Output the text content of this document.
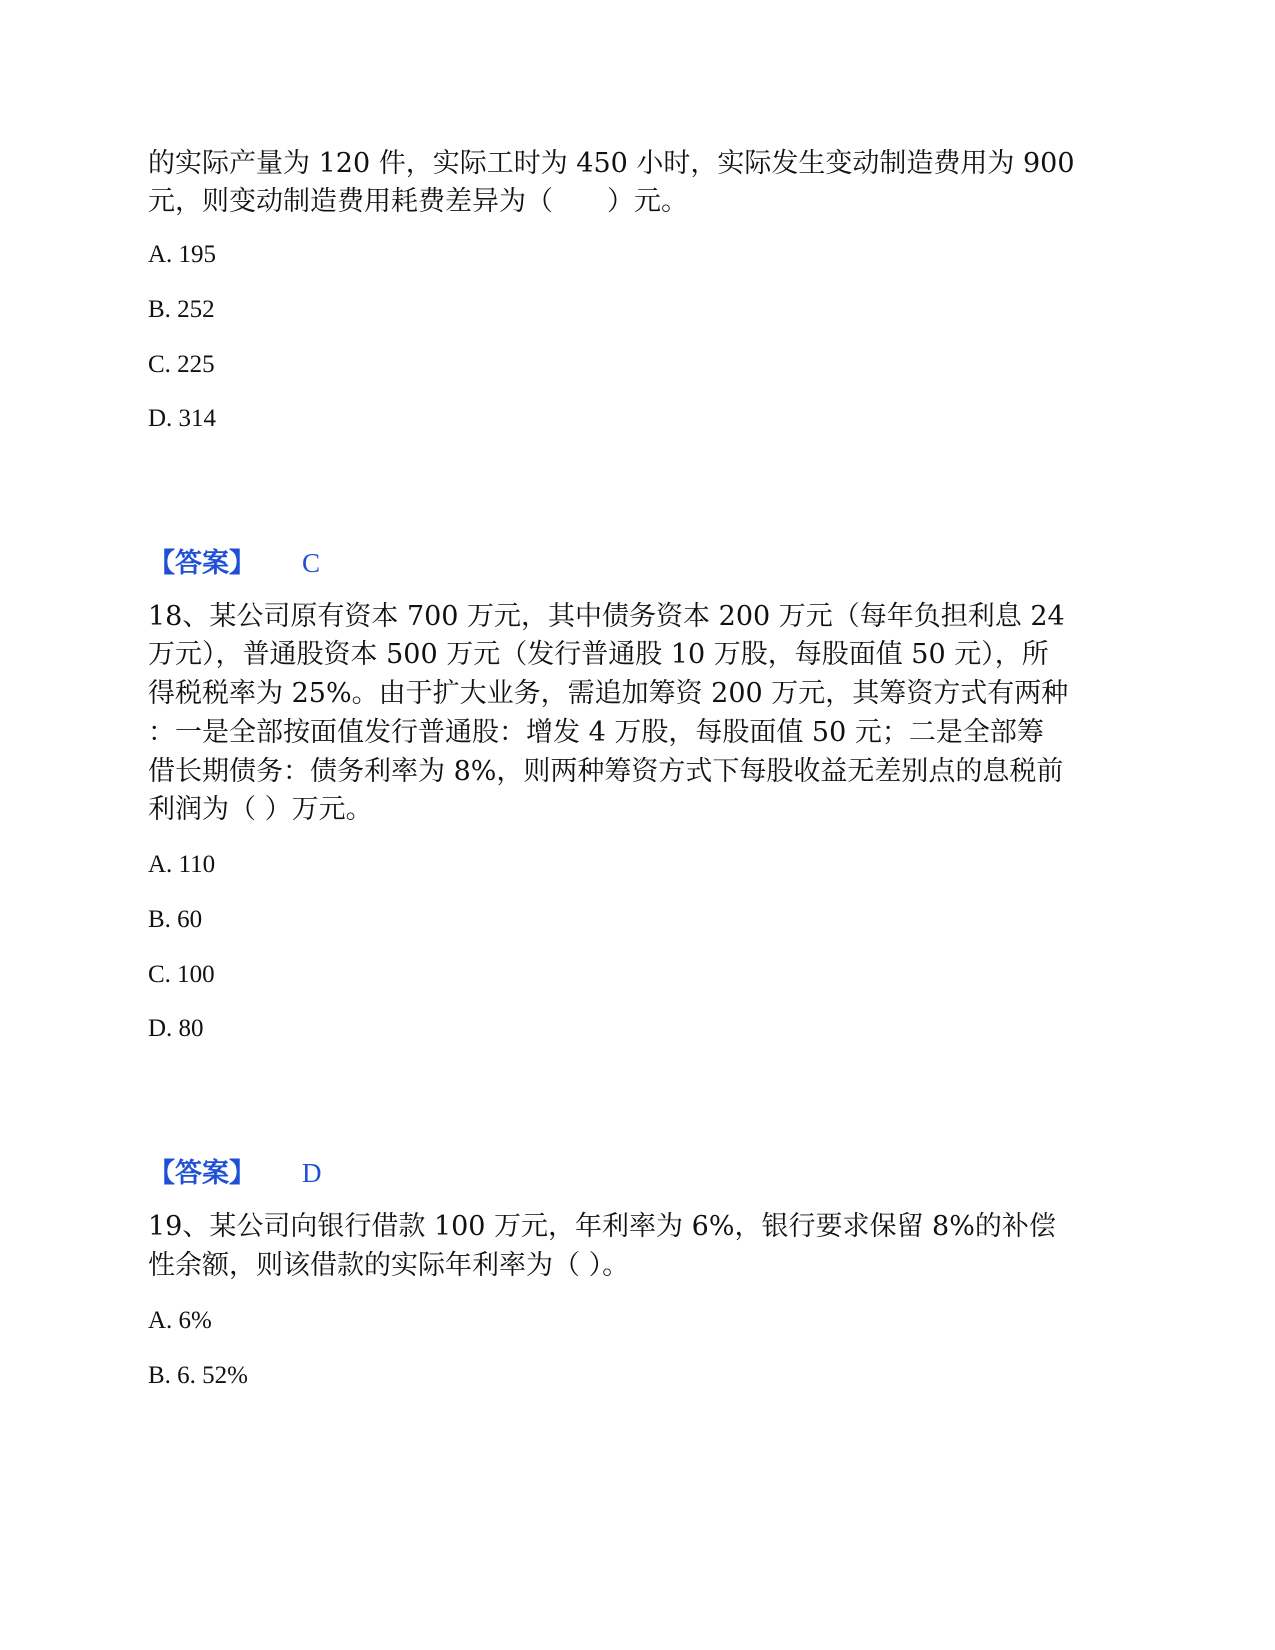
的实际产量为 120 件，实际工时为 450 小时，实际发生变动制造费用为 900
元，则变动制造费用耗费差异为（　　）元。
A. 195
B. 252
C. 225
D. 314
【答案】 C
18、某公司原有资本 700 万元，其中债务资本 200 万元（每年负担利息 24
万元），普通股资本 500 万元（发行普通股 10 万股，每股面值 50 元），所
得税税率为 25%。由于扩大业务，需追加筹资 200 万元，其筹资方式有两种
：一是全部按面值发行普通股：增发 4 万股，每股面值 50 元；二是全部筹
借长期债务：债务利率为 8%，则两种筹资方式下每股收益无差别点的息税前
利润为（ ）万元。
A. 110
B. 60
C. 100
D. 80
【答案】 D
19、某公司向银行借款 100 万元，年利率为 6%，银行要求保留 8%的补偿
性余额，则该借款的实际年利率为（ ）。
A. 6%
B. 6. 52%
